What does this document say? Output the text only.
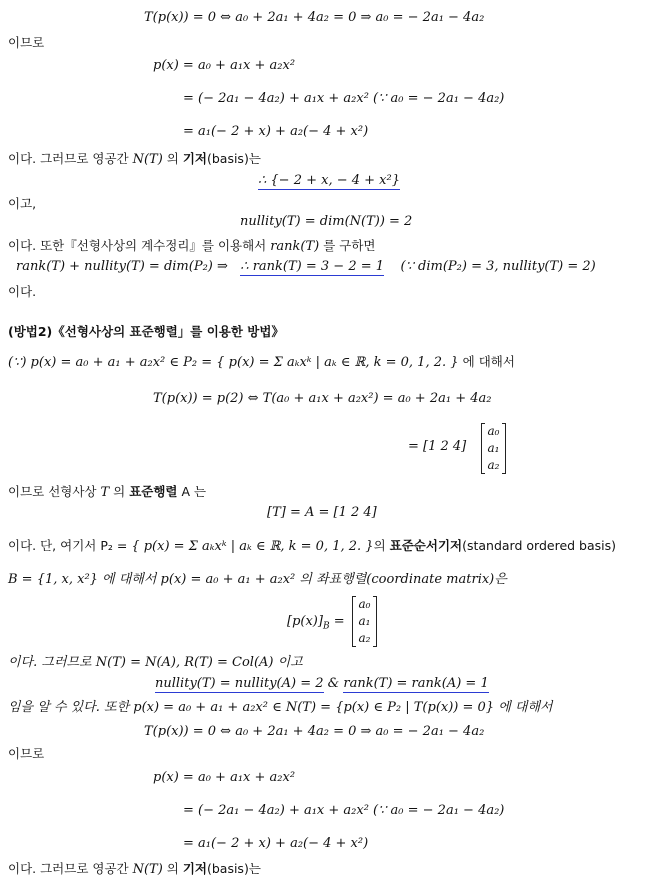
T(p(x)) = 0 ⇔ a₀ + 2a₁ + 4a₂ = 0 ⇒ a₀ = − 2a₁ − 4a₂
이므로
p(x) = a₀ + a₁x + a₂x²
= (− 2a₁ − 4a₂) + a₁x + a₂x² (∵ a₀ = − 2a₁ − 4a₂)
= a₁(− 2 + x) + a₂(− 4 + x²)
이다. 그러므로 영공간 N(T) 의 기저(basis)는
∴ {− 2 + x, − 4 + x²}
이고,
nullity(T) = dim(N(T)) = 2
이다. 또한『선형사상의 계수정리』를 이용해서 rank(T) 를 구하면
rank(T) + nullity(T) = dim(P₂) ⇒ ∴ rank(T) = 3 − 2 = 1 (∵ dim(P₂) = 3, nullity(T) = 2)
이다.
(방법2)《선형사상의 표준행렬」를 이용한 방법》
(∵) p(x) = a₀ + a₁ + a₂x² ∈ P₂ = { p(x) = Σ aₖxᵏ | aₖ ∈ ℝ, k = 0, 1, 2. } 에 대해서
T(p(x)) = p(2) ⇔ T(a₀ + a₁x + a₂x²) = a₀ + 2a₁ + 4a₂
= [1 2 4]
a₀
a₁
a₂
이므로 선형사상 T 의 표준행렬 A 는
[T] = A = [1 2 4]
이다. 단, 여기서 P₂ = { p(x) = Σ aₖxᵏ | aₖ ∈ ℝ, k = 0, 1, 2. }의 표준순서기저(standard ordered basis)
B = {1, x, x²} 에 대해서 p(x) = a₀ + a₁ + a₂x² 의 좌표행렬(coordinate matrix)은
$[p(x)]_B$ =
a₀
a₁
a₂
이다. 그러므로 N(T) = N(A), R(T) = Col(A) 이고
nullity(T) = nullity(A) = 2 & rank(T) = rank(A) = 1
임을 알 수 있다. 또한 p(x) = a₀ + a₁ + a₂x² ∈ N(T) = {p(x) ∈ P₂ | T(p(x)) = 0} 에 대해서
T(p(x)) = 0 ⇔ a₀ + 2a₁ + 4a₂ = 0 ⇒ a₀ = − 2a₁ − 4a₂
이므로
p(x) = a₀ + a₁x + a₂x²
= (− 2a₁ − 4a₂) + a₁x + a₂x² (∵ a₀ = − 2a₁ − 4a₂)
= a₁(− 2 + x) + a₂(− 4 + x²)
이다. 그러므로 영공간 N(T) 의 기저(basis)는
